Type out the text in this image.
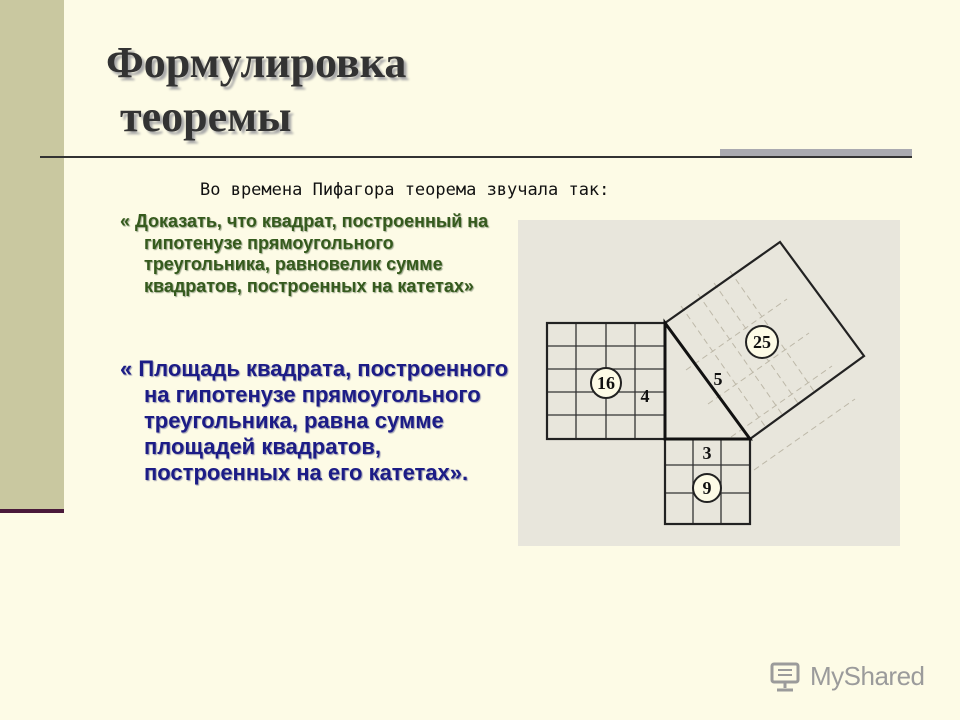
Формулировка
теоремы
Во времена Пифагора теорема звучала так:
« Доказать, что квадрат, построенный на гипотенузе прямоугольного треугольника, равновелик сумме квадратов, построенных на катетах»
« Площадь квадрата, построенного на гипотенузе прямоугольного треугольника, равна сумме площадей квадратов, построенных на его катетах».
16
9
25
4
3
5
MyShared
